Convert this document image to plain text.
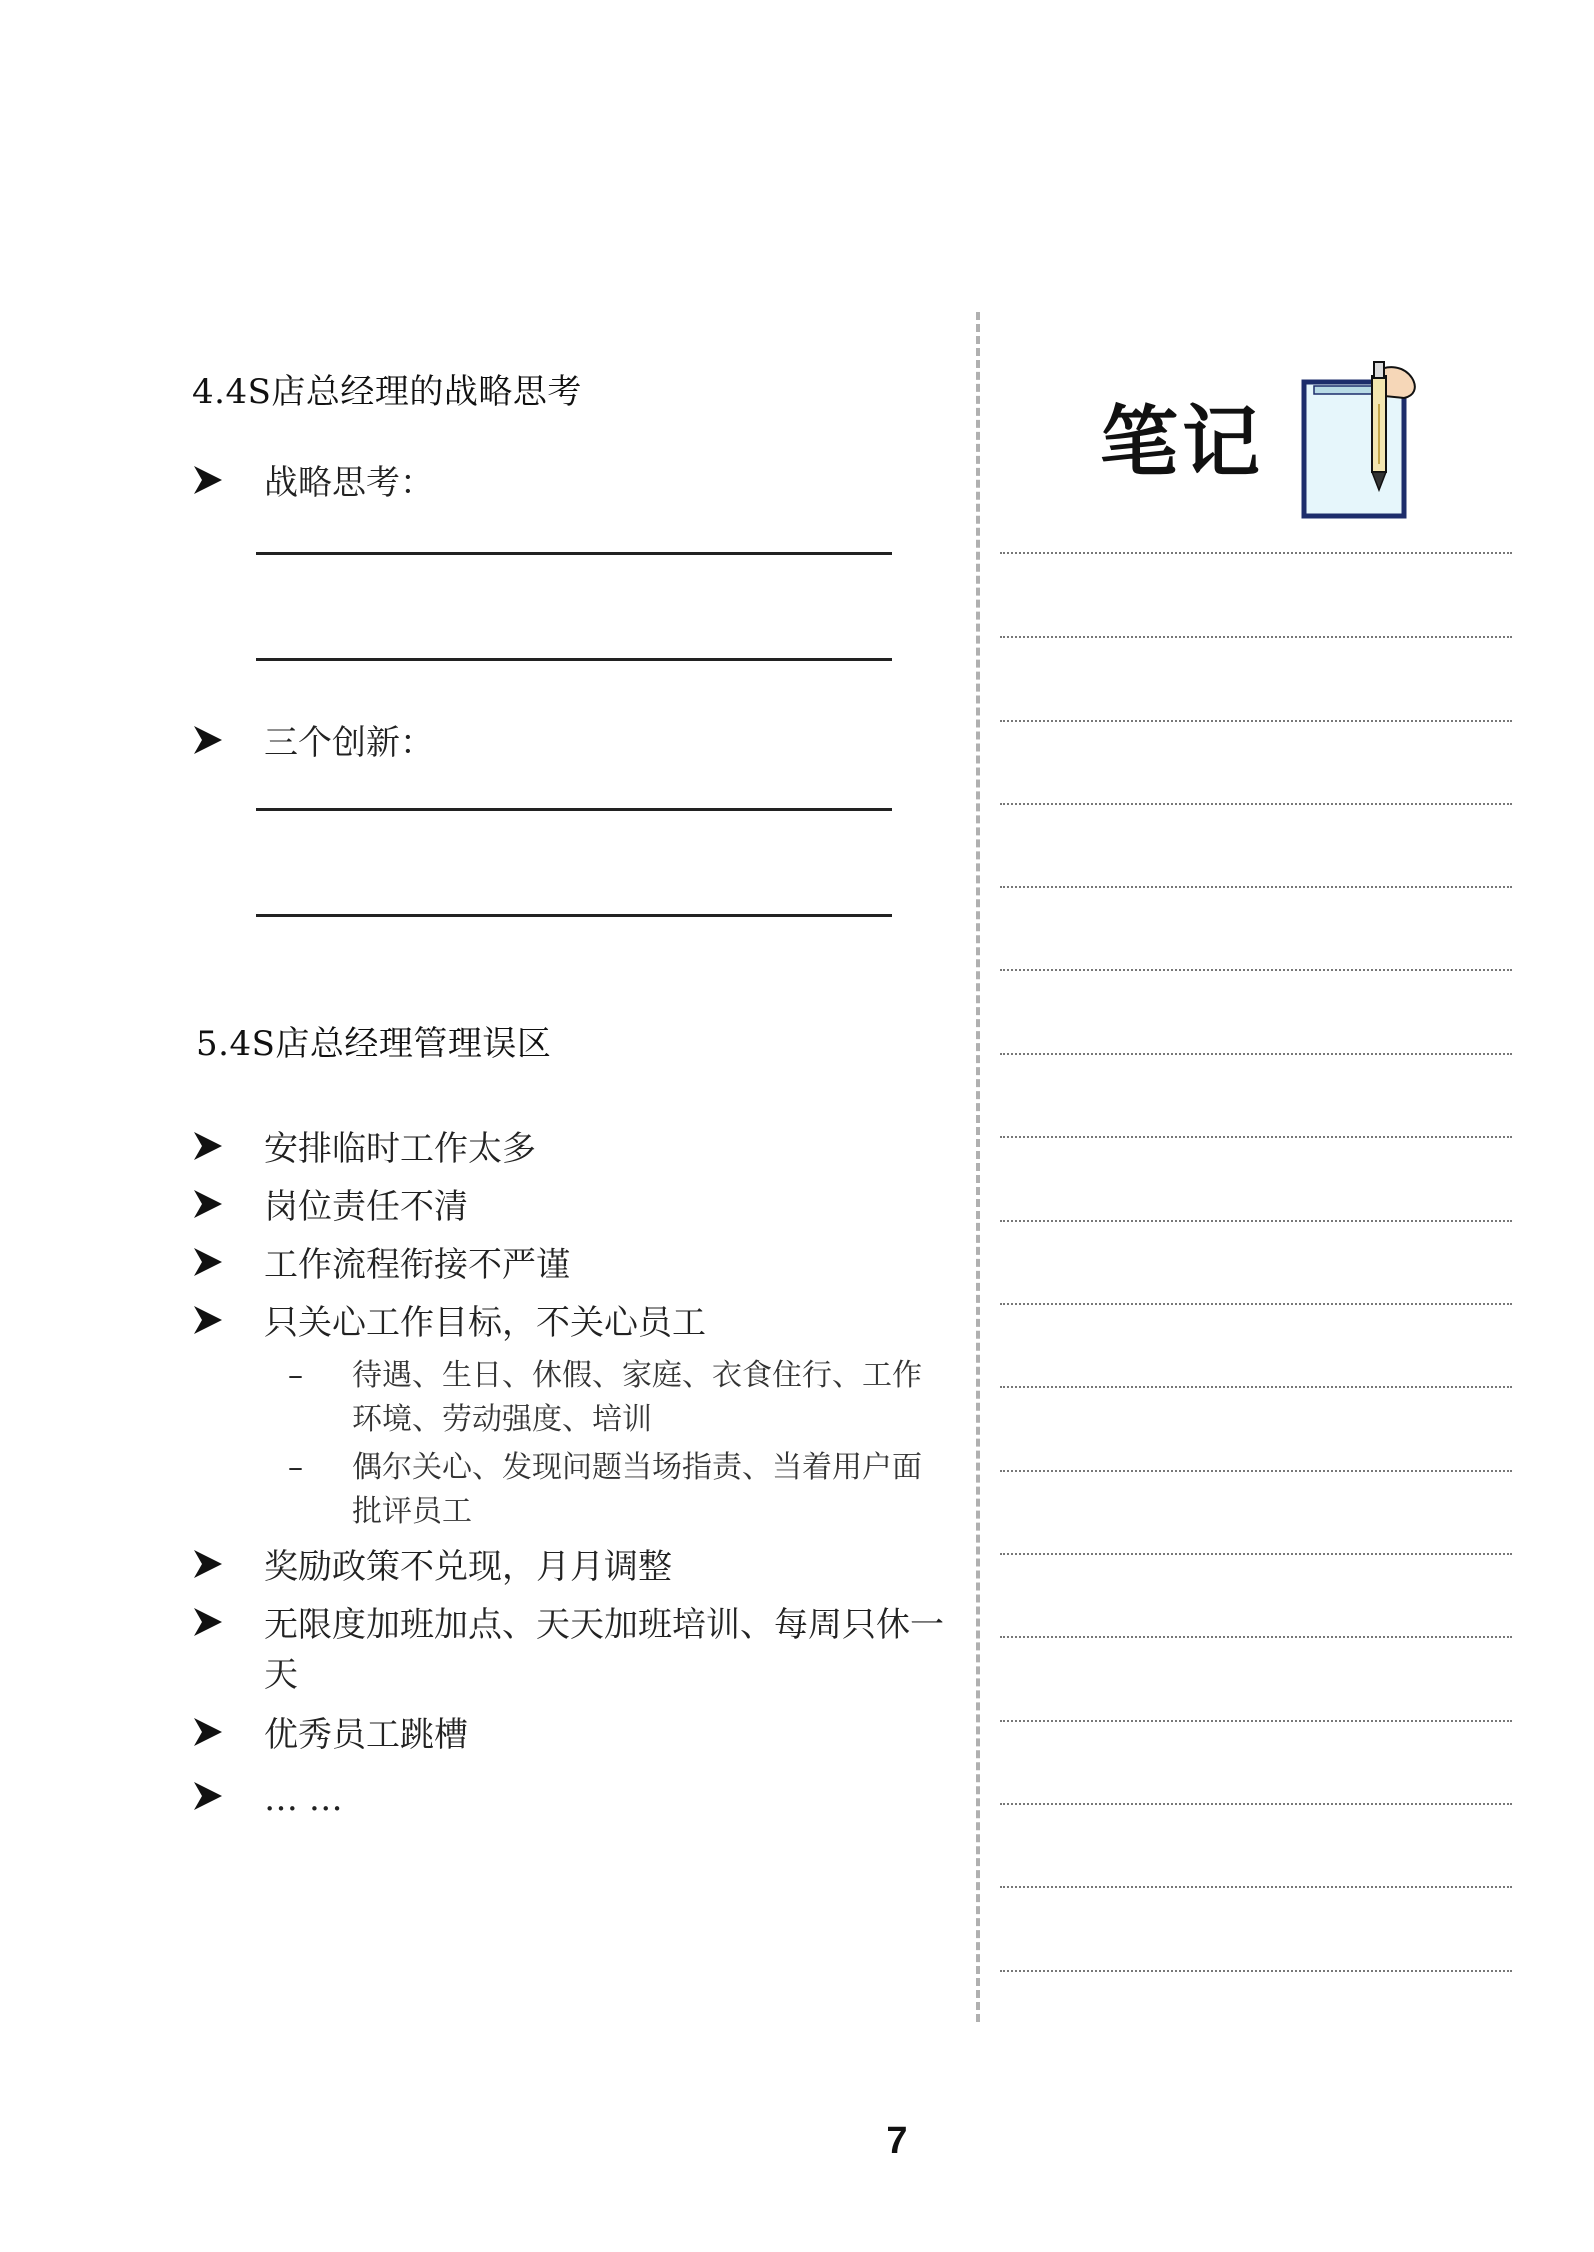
4.4S店总经理的战略思考
战略思考：
三个创新：
5.4S店总经理管理误区
安排临时工作太多
岗位责任不清
工作流程衔接不严谨
只关心工作目标，不关心员工
– 待遇、生日、休假、家庭、衣食住行、工作环境、劳动强度、培训
– 偶尔关心、发现问题当场指责、当着用户面批评员工
奖励政策不兑现，月月调整
无限度加班加点、天天加班培训、每周只休一天
优秀员工跳槽
… …
笔记
7
